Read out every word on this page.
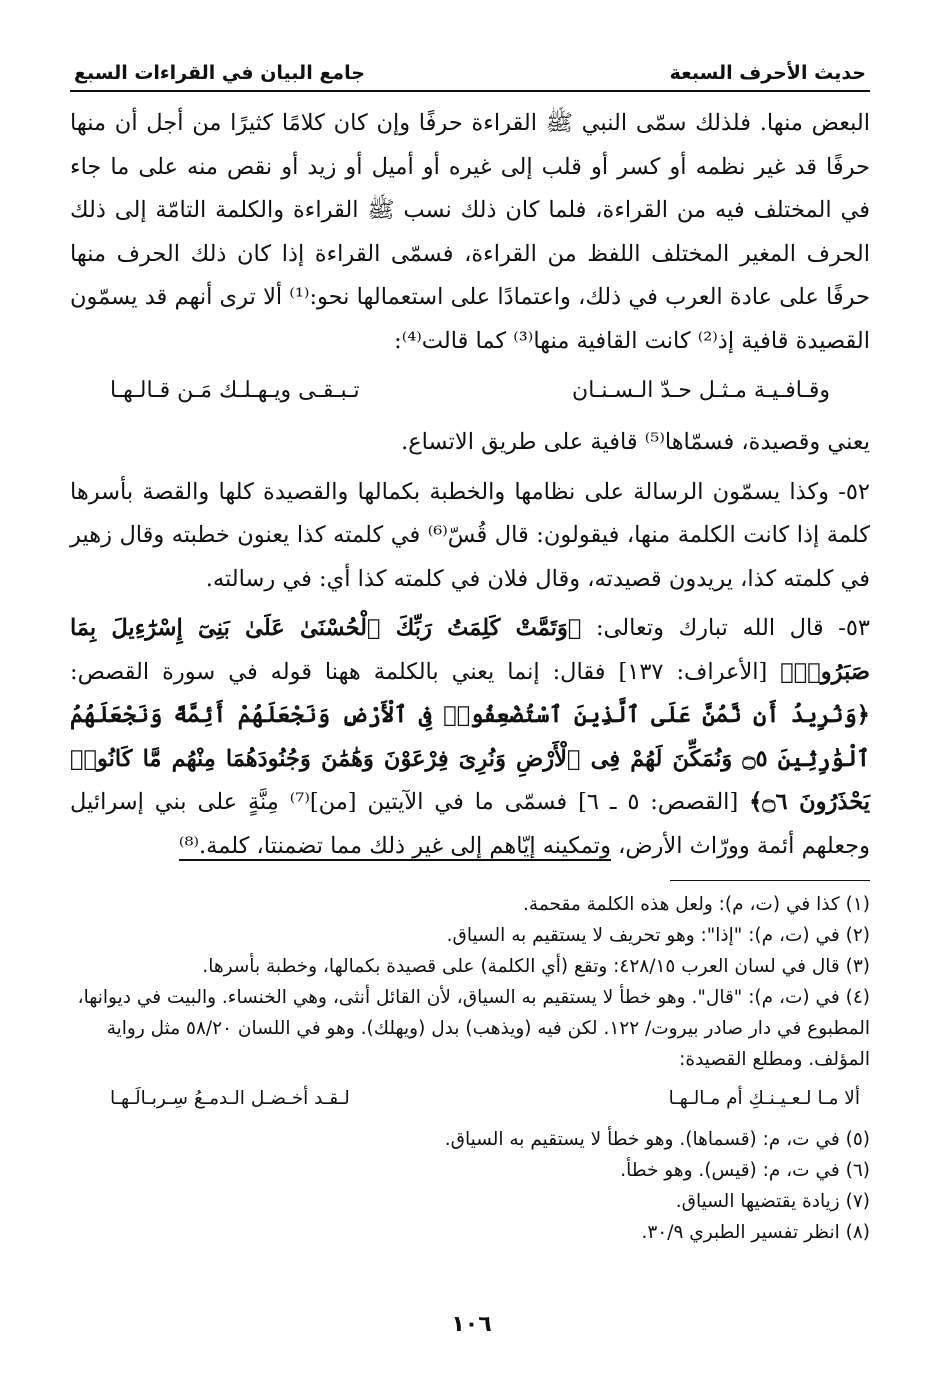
حديث الأحرف السبعة
جامع البيان في القراءات السبع

البعض منها. فلذلك سمّى النبي ﷺ القراءة حرفًا وإن كان كلامًا كثيرًا من أجل أن منها حرفًا قد غير نظمه أو كسر أو قلب إلى غيره أو أميل أو زيد أو نقص منه على ما جاء في المختلف فيه من القراءة، فلما كان ذلك نسب ﷺ القراءة والكلمة التامّة إلى ذلك الحرف المغير المختلف اللفظ من القراءة، فسمّى القراءة إذا كان ذلك الحرف منها حرفًا على عادة العرب في ذلك، واعتمادًا على استعمالها نحو:⁽¹⁾ ألا ترى أنهم قد يسمّون القصيدة قافية إذ⁽²⁾ كانت القافية منها⁽³⁾ كما قالت⁽⁴⁾:

وقـافـيـة مـثـل حـدّ الـسـنـان
تـبـقـى ويـهـلـك مَـن قـالـهـا

يعني وقصيدة، فسمّاها⁽⁵⁾ قافية على طريق الاتساع.

٥٢- وكذا يسمّون الرسالة على نظامها والخطبة بكمالها والقصيدة كلها والقصة بأسرها كلمة إذا كانت الكلمة منها، فيقولون: قال قُسّ⁽⁶⁾ في كلمته كذا يعنون خطبته وقال زهير في كلمته كذا، يريدون قصيدته، وقال فلان في كلمته كذا أي: في رسالته.

٥٣- قال الله تبارك وتعالى: ﴿وَتَمَّتْ كَلِمَتُ رَبِّكَ ٱلْحُسْنَىٰ عَلَىٰ بَنِىٓ إِسْرَٰٓءِيلَ بِمَا صَبَرُوا۟﴾ [الأعراف: ١٣٧] فقال: إنما يعني بالكلمة ههنا قوله في سورة القصص: ﴿وَنُرِيدُ أَن نَّمُنَّ عَلَى ٱلَّذِينَ ٱسْتُضْعِفُوا۟ فِى ٱلْأَرْضِ وَنَجْعَلَهُمْ أَئِمَّةً وَنَجْعَلَهُمُ ٱلْوَٰرِثِينَ ۝٥ وَنُمَكِّنَ لَهُمْ فِى ٱلْأَرْضِ وَنُرِىَ فِرْعَوْنَ وَهَٰمَٰنَ وَجُنُودَهُمَا مِنْهُم مَّا كَانُوا۟ يَحْذَرُونَ ۝٦﴾ [القصص: ٥ ـ ٦] فسمّى ما في الآيتين [من]⁽⁷⁾ مِنَّةٍ على بني إسرائيل وجعلهم أئمة وورّاث الأرض، وتمكينه إيّاهم إلى غير ذلك مما تضمنتا، كلمة.⁽⁸⁾

(١) كذا في (ت، م): ولعل هذه الكلمة مقحمة.

(٢) في (ت، م): "إذا": وهو تحريف لا يستقيم به السياق.

(٣) قال في لسان العرب ٤٢٨/١٥: وتقع (أي الكلمة) على قصيدة بكمالها، وخطبة بأسرها.

(٤) في (ت، م): "قال". وهو خطأ لا يستقيم به السياق، لأن القائل أنثى، وهي الخنساء. والبيت في ديوانها، المطبوع في دار صادر بيروت/ ١٢٢. لكن فيه (ويذهب) بدل (ويهلك). وهو في اللسان ٥٨/٢٠ مثل رواية المؤلف. ومطلع القصيدة:

ألا مـا لـعـيـنـكِ أم مـالـهـا
لـقـد أخـضـل الـدمـعُ سِـربـالَـهـا

(٥) في ت، م: (قسماها). وهو خطأ لا يستقيم به السياق.

(٦) في ت، م: (قيس). وهو خطأ.

(٧) زيادة يقتضيها السياق.

(٨) انظر تفسير الطبري ٣٠/٩.

١٠٦
